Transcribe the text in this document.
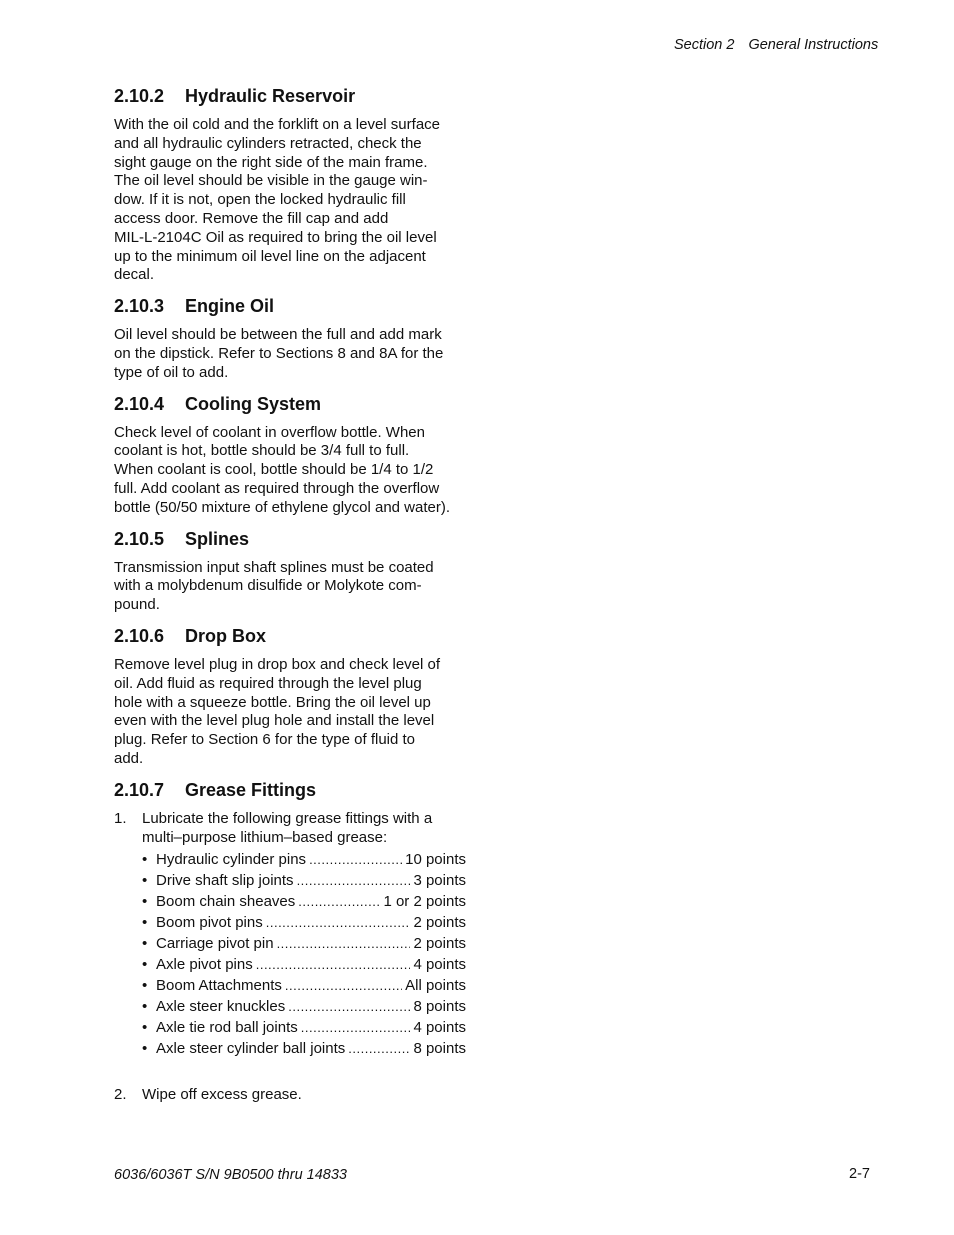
Section 2 General Instructions
2.10.2 Hydraulic Reservoir

With the oil cold and the forklift on a level surface
and all hydraulic cylinders retracted, check the
sight gauge on the right side of the main frame.
The oil level should be visible in the gauge win-
dow. If it is not, open the locked hydraulic fill
access door. Remove the fill cap and add
MIL-L-2104C Oil as required to bring the oil level
up to the minimum oil level line on the adjacent
decal.

2.10.3 Engine Oil

Oil level should be between the full and add mark
on the dipstick. Refer to Sections 8 and 8A for the
type of oil to add.

2.10.4 Cooling System

Check level of coolant in overflow bottle. When
coolant is hot, bottle should be 3/4 full to full.
When coolant is cool, bottle should be 1/4 to 1/2
full. Add coolant as required through the overflow
bottle (50/50 mixture of ethylene glycol and water).

2.10.5 Splines

Transmission input shaft splines must be coated
with a molybdenum disulfide or Molykote com-
pound.

2.10.6 Drop Box

Remove level plug in drop box and check level of
oil. Add fluid as required through the level plug
hole with a squeeze bottle. Bring the oil level up
even with the level plug hole and install the level
plug. Refer to Section 6 for the type of fluid to
add.

2.10.7 Grease Fittings
1.	Lubricate the following grease fittings with a
multi–purpose lithium–based grease:
• Hydraulic cylinder pins .....	10 points
• Drive shaft slip joints .....	3 points
• Boom chain sheaves .....	1 or 2 points
• Boom pivot pins .....	2 points
• Carriage pivot pin .....	2 points
• Axle pivot pins .....	4 points
• Boom Attachments .....	All points
• Axle steer knuckles .....	8 points
• Axle tie rod ball joints .....	4 points
• Axle steer cylinder ball joints .....	8 points
2.	Wipe off excess grease.
6036/6036T S/N 9B0500 thru 14833	2-7
